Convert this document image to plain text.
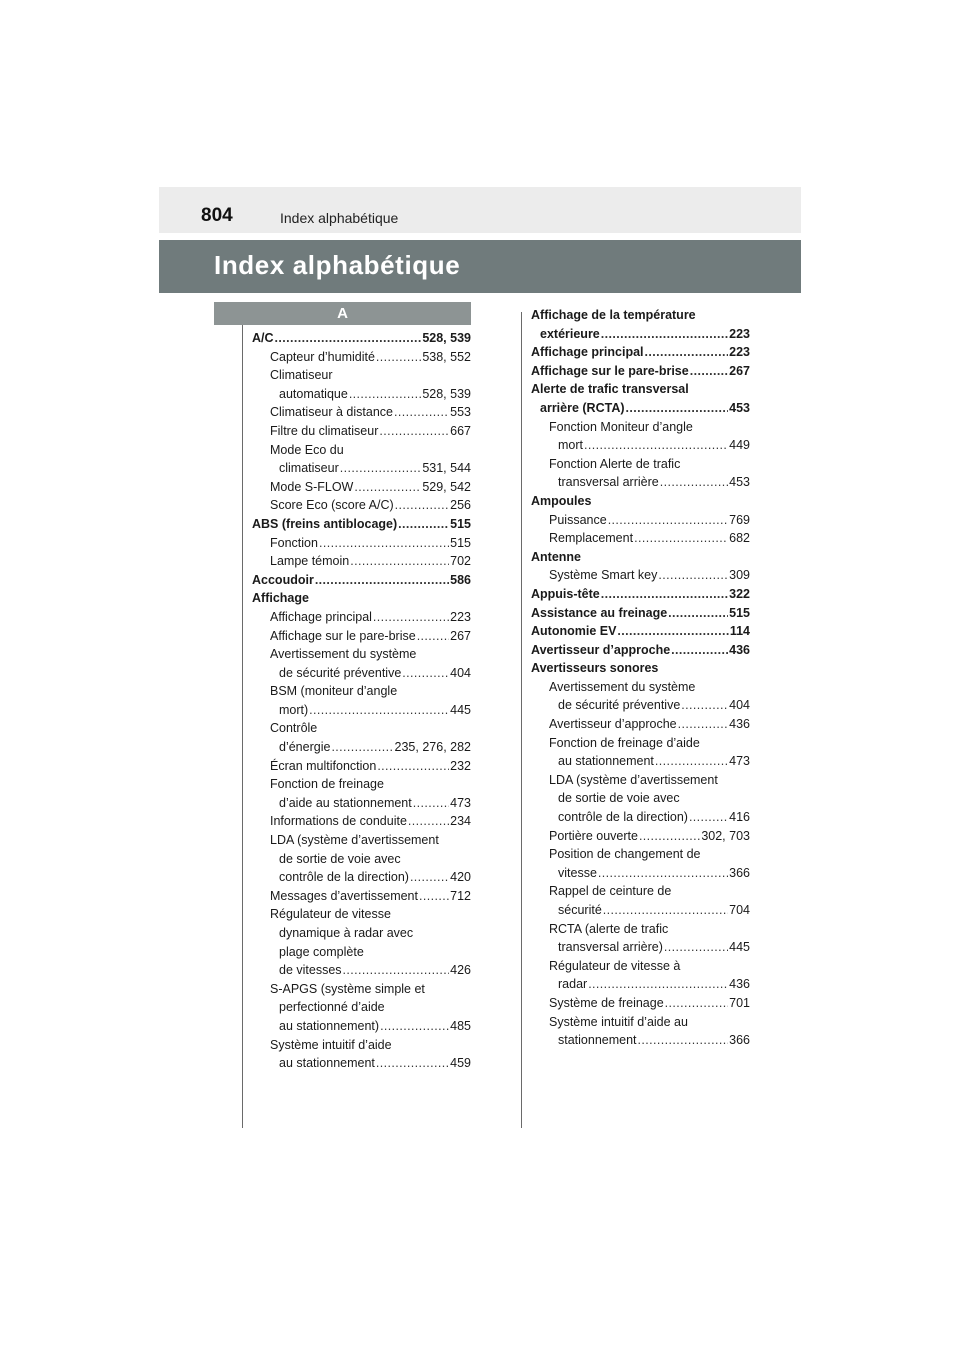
804	Index alphabétique
Index alphabétique
A
A/C .....	528, 539
Capteur d’humidité .....	538, 552
Climatiseur
automatique .....	528, 539
Climatiseur à distance .....	553
Filtre du climatiseur .....	667
Mode Eco du
climatiseur .....	531, 544
Mode S-FLOW .....	529, 542
Score Eco (score A/C) .....	256
ABS (freins antiblocage) .....	515
Fonction .....	515
Lampe témoin .....	702
Accoudoir .....	586
Affichage
Affichage principal .....	223
Affichage sur le pare-brise .....	267
Avertissement du système
de sécurité préventive .....	404
BSM (moniteur d’angle
mort) .....	445
Contrôle
d’énergie .....	235, 276, 282
Écran multifonction .....	232
Fonction de freinage
d’aide au stationnement .....	473
Informations de conduite .....	234
LDA (système d’avertissement
de sortie de voie avec
contrôle de la direction) .....	420
Messages d’avertissement .....	712
Régulateur de vitesse
dynamique à radar avec
plage complète
de vitesses .....	426
S-APGS (système simple et
perfectionné d’aide
au stationnement) .....	485
Système intuitif d’aide
au stationnement .....	459
Affichage de la température
extérieure .....	223
Affichage principal .....	223
Affichage sur le pare-brise .....	267
Alerte de trafic transversal
arrière (RCTA) .....	453
Fonction Moniteur d’angle
mort .....	449
Fonction Alerte de trafic
transversal arrière .....	453
Ampoules
Puissance .....	769
Remplacement .....	682
Antenne
Système Smart key .....	309
Appuis-tête .....	322
Assistance au freinage .....	515
Autonomie EV .....	114
Avertisseur d’approche .....	436
Avertisseurs sonores
Avertissement du système
de sécurité préventive .....	404
Avertisseur d’approche .....	436
Fonction de freinage d’aide
au stationnement .....	473
LDA (système d’avertissement
de sortie de voie avec
contrôle de la direction) .....	416
Portière ouverte .....	302, 703
Position de changement de
vitesse .....	366
Rappel de ceinture de
sécurité .....	704
RCTA (alerte de trafic
transversal arrière) .....	445
Régulateur de vitesse à
radar .....	436
Système de freinage .....	701
Système intuitif d’aide au
stationnement .....	366
